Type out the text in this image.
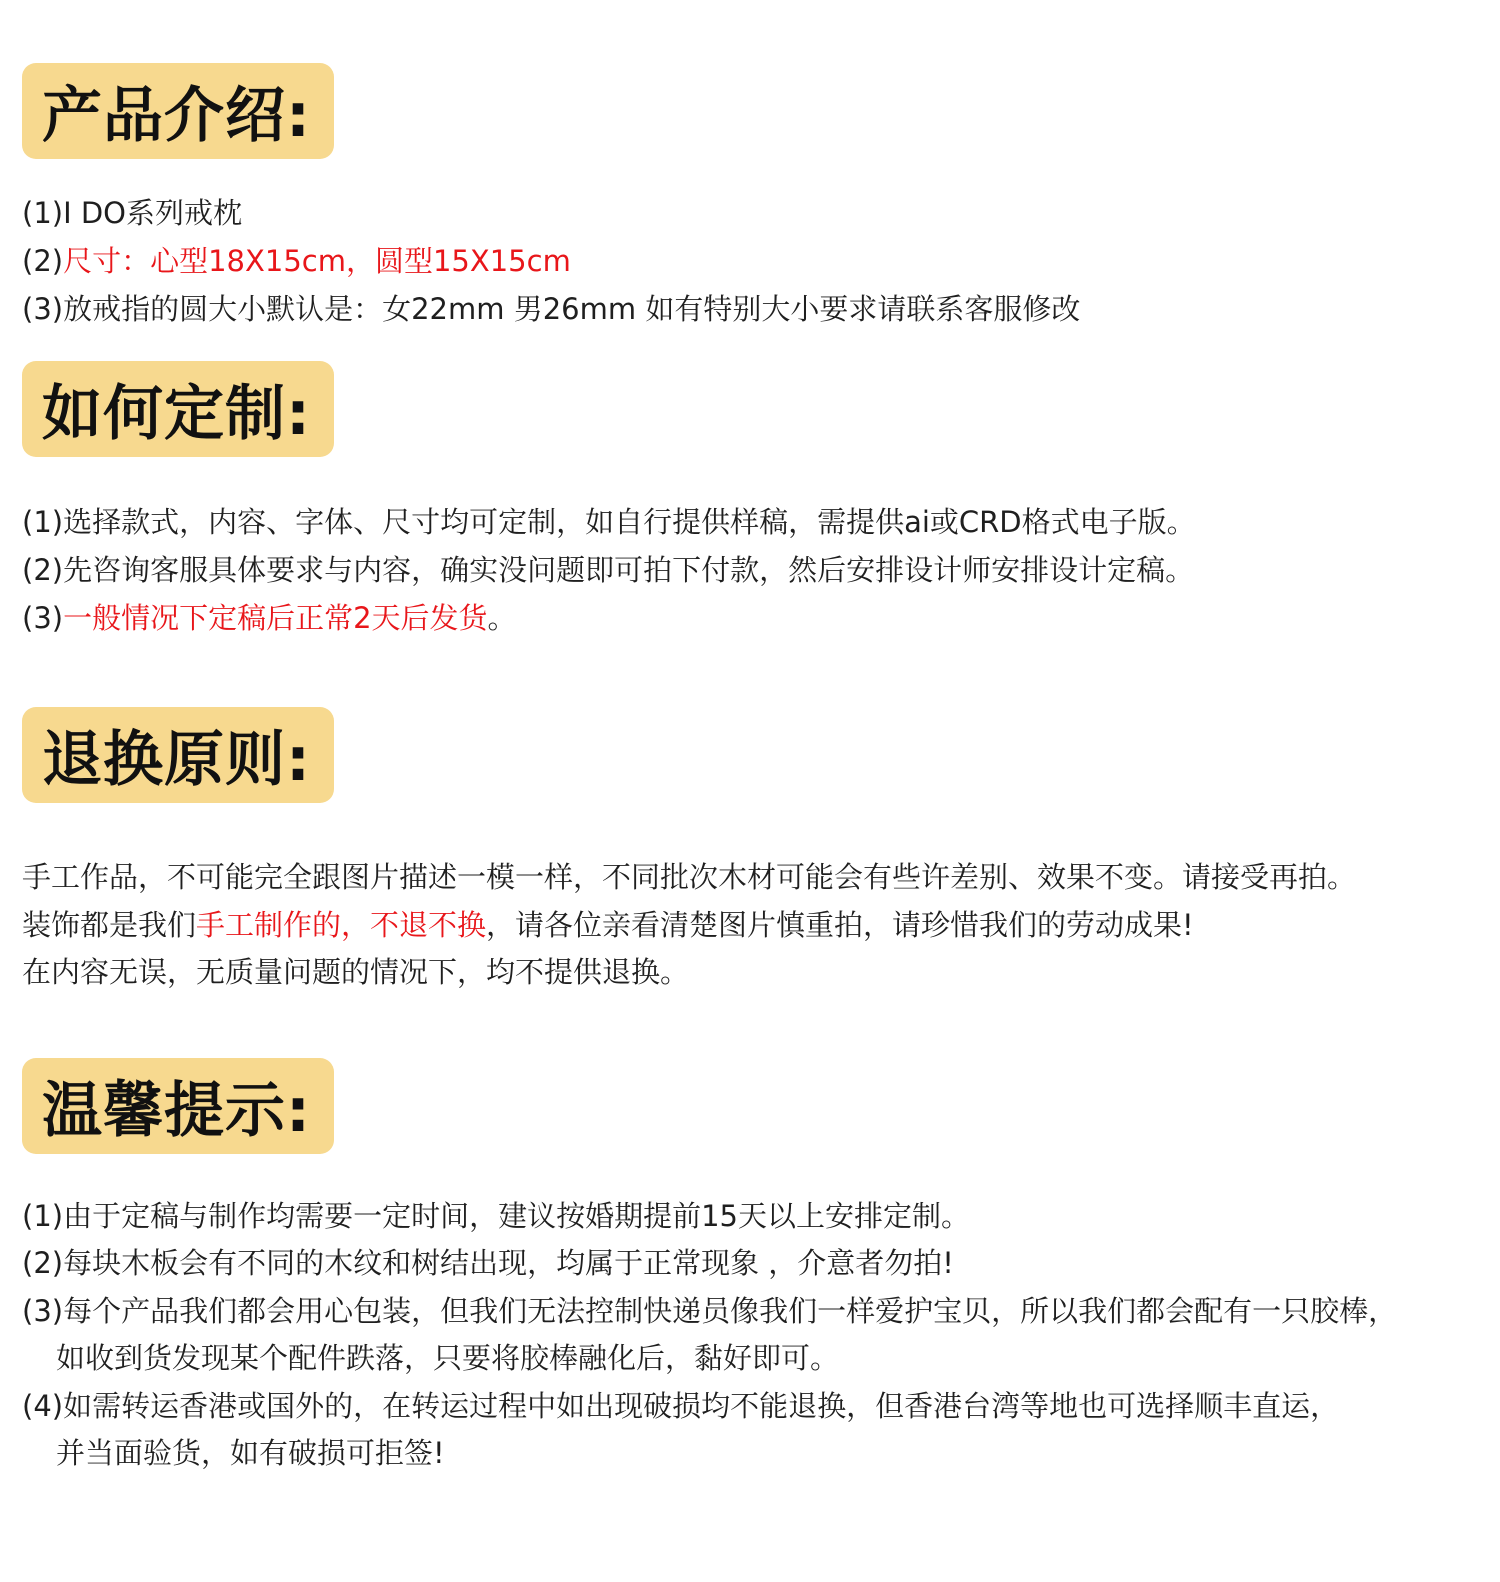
产品介绍:
(1)I DO系列戒枕
(2)尺寸：心型18X15cm，圆型15X15cm
(3)放戒指的圆大小默认是：女22mm 男26mm 如有特别大小要求请联系客服修改
如何定制:
(1)选择款式，内容、字体、尺寸均可定制，如自行提供样稿，需提供ai或CRD格式电子版。
(2)先咨询客服具体要求与内容，确实没问题即可拍下付款，然后安排设计师安排设计定稿。
(3)一般情况下定稿后正常2天后发货。
退换原则:
手工作品，不可能完全跟图片描述一模一样，不同批次木材可能会有些许差别、效果不变。请接受再拍。
装饰都是我们手工制作的，不退不换，请各位亲看清楚图片慎重拍，请珍惜我们的劳动成果!
在内容无误，无质量问题的情况下，均不提供退换。
温馨提示:
(1)由于定稿与制作均需要一定时间，建议按婚期提前15天以上安排定制。
(2)每块木板会有不同的木纹和树结出现，均属于正常现象 ，介意者勿拍!
(3)每个产品我们都会用心包装，但我们无法控制快递员像我们一样爱护宝贝，所以我们都会配有一只胶棒，
如收到货发现某个配件跌落，只要将胶棒融化后，黏好即可。
(4)如需转运香港或国外的，在转运过程中如出现破损均不能退换，但香港台湾等地也可选择顺丰直运，
并当面验货，如有破损可拒签!
